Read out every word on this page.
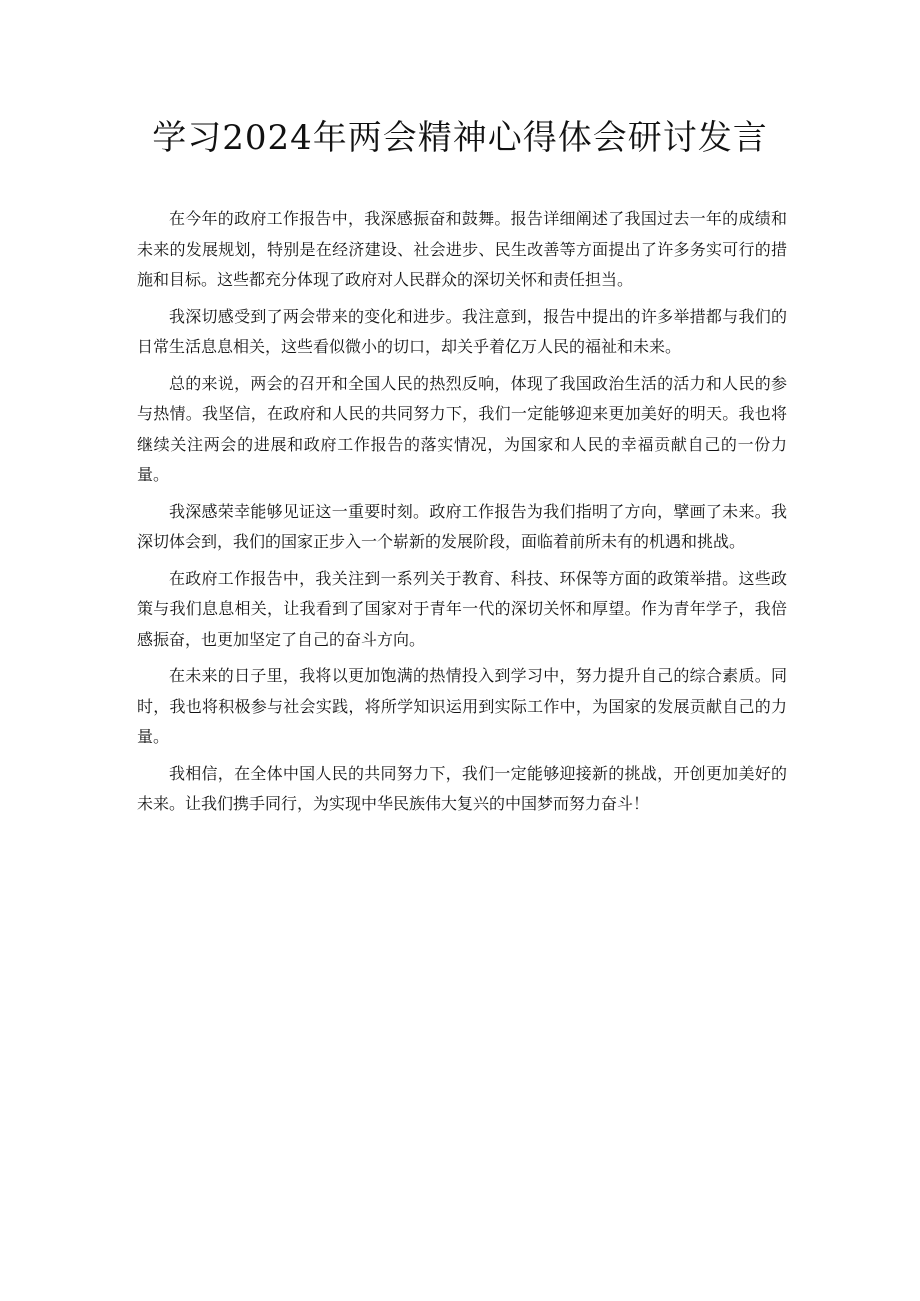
学习2024年两会精神心得体会研讨发言

在今年的政府工作报告中，我深感振奋和鼓舞。报告详细阐述了我国过去一年的成绩和未来的发展规划，特别是在经济建设、社会进步、民生改善等方面提出了许多务实可行的措施和目标。这些都充分体现了政府对人民群众的深切关怀和责任担当。

我深切感受到了两会带来的变化和进步。我注意到，报告中提出的许多举措都与我们的日常生活息息相关，这些看似微小的切口，却关乎着亿万人民的福祉和未来。

总的来说，两会的召开和全国人民的热烈反响，体现了我国政治生活的活力和人民的参与热情。我坚信，在政府和人民的共同努力下，我们一定能够迎来更加美好的明天。我也将继续关注两会的进展和政府工作报告的落实情况，为国家和人民的幸福贡献自己的一份力量。

我深感荣幸能够见证这一重要时刻。政府工作报告为我们指明了方向，擘画了未来。我深切体会到，我们的国家正步入一个崭新的发展阶段，面临着前所未有的机遇和挑战。

在政府工作报告中，我关注到一系列关于教育、科技、环保等方面的政策举措。这些政策与我们息息相关，让我看到了国家对于青年一代的深切关怀和厚望。作为青年学子，我倍感振奋，也更加坚定了自己的奋斗方向。

在未来的日子里，我将以更加饱满的热情投入到学习中，努力提升自己的综合素质。同时，我也将积极参与社会实践，将所学知识运用到实际工作中，为国家的发展贡献自己的力量。

我相信，在全体中国人民的共同努力下，我们一定能够迎接新的挑战，开创更加美好的未来。让我们携手同行，为实现中华民族伟大复兴的中国梦而努力奋斗！
